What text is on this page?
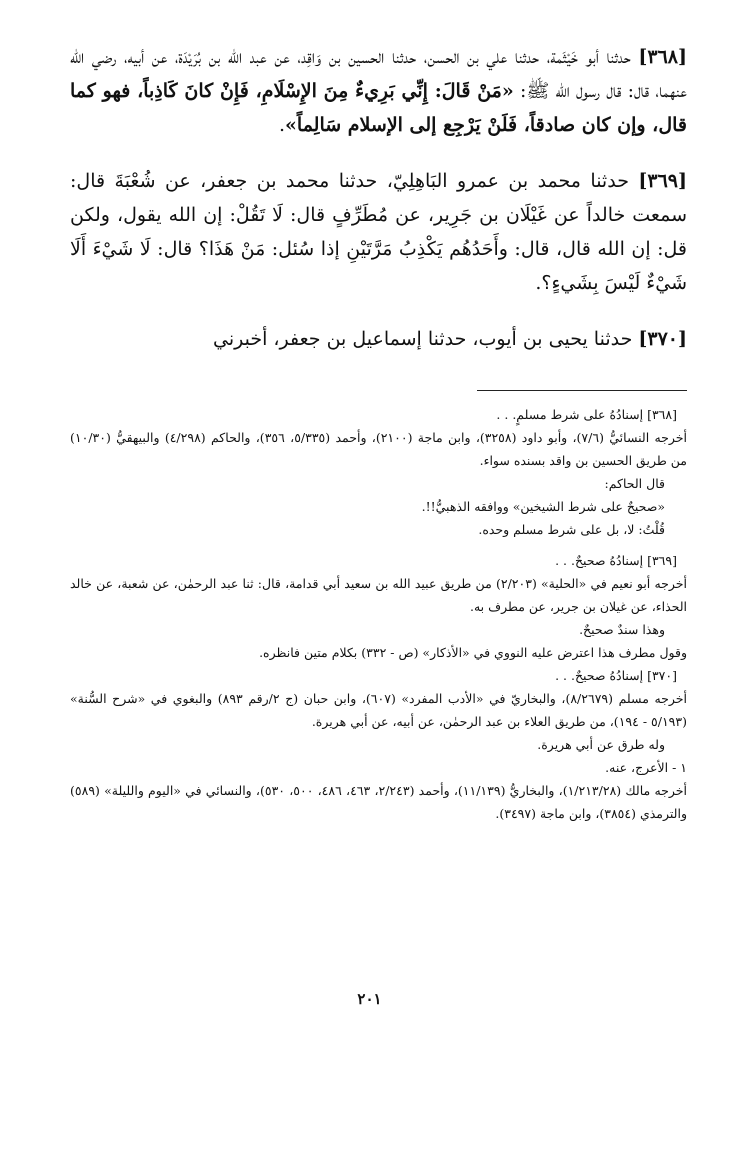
[٣٦٨] حدثنا أبو خَيْثَمة، حدثنا علي بن الحسن، حدثنا الحسين بن وَاقِد، عن عبد الله بن بُرَيْدَة، عن أبيه، رضي الله عنهما، قال: قال رسول الله ﷺ: «مَنْ قَالَ: إِنِّي بَرِيءٌ مِنَ الإِسْلَامِ، فَإِنْ كانَ كَاذِباً، فهو كما قال، وإن كان صادقاً، فَلَنْ يَرْجِع إلى الإسلام سَالِماً».

[٣٦٩] حدثنا محمد بن عمرو البَاهِلِيّ، حدثنا محمد بن جعفر، عن شُعْبَةَ قال: سمعت خالداً عن غَيْلَان بن جَرِير، عن مُطَرِّفٍ قال: لَا تَقُلْ: إن الله يقول، ولكن قل: إن الله قال، قال: وأَحَدُهُم يَكْذِبُ مَرَّتَيْنِ إذا سُئل: مَنْ هَذَا؟ قال: لَا شَيْءَ أَلَا شَيْءٌ لَيْسَ بِشَيءٍ؟.

[٣٧٠] حدثنا يحيى بن أيوب، حدثنا إسماعيل بن جعفر، أخبرني

[٣٦٨] إسنادُهُ على شرط مسلمٍ. . .

أخرجه النسائيُّ (٧/٦)، وأبو داود (٣٢٥٨)، وابن ماجة (٢١٠٠)، وأحمد (٥/٣٣٥، ٣٥٦)، والحاكم (٤/٢٩٨) والبيهقيُّ (١٠/٣٠) من طريق الحسين بن واقد بسنده سواء.

قال الحاكم:

«صحيحٌ على شرط الشيخين» ووافقه الذهبيُّ!!.

قُلْتُ: لا، بل على شرط مسلم وحده.

[٣٦٩] إسنادُهُ صحيحٌ. . .

أخرجه أبو نعيم في «الحلية» (٢/٢٠٣) من طريق عبيد الله بن سعيد أبي قدامة، قال: ثنا عبد الرحمٰن، عن شعبة، عن خالد الحذاء، عن غيلان بن جرير، عن مطرف به.

وهذا سندٌ صحيحٌ.

وقول مطرف هذا اعترض عليه النووي في «الأذكار» (ص - ٣٣٢) بكلام متين فانظره.

[٣٧٠] إسنادُهُ صحيحٌ. . .

أخرجه مسلم (٨/٢٦٧٩)، والبخاريّ في «الأدب المفرد» (٦٠٧)، وابن حبان (ج ٢/رقم ٨٩٣) والبغوي في «شرح السُّنة» (٥/١٩٣ - ١٩٤)، من طريق العلاء بن عبد الرحمٰن، عن أبيه، عن أبي هريرة.

وله طرق عن أبي هريرة.

١ - الأعرج، عنه.

أخرجه مالك (١/٢١٣/٢٨)، والبخاريُّ (١١/١٣٩)، وأحمد (٢/٢٤٣، ٤٦٣، ٤٨٦، ٥٠٠، ٥٣٠)، والنسائي في «اليوم والليلة» (٥٨٩) والترمذي (٣٨٥٤)، وابن ماجة (٣٤٩٧).

٢٠١
